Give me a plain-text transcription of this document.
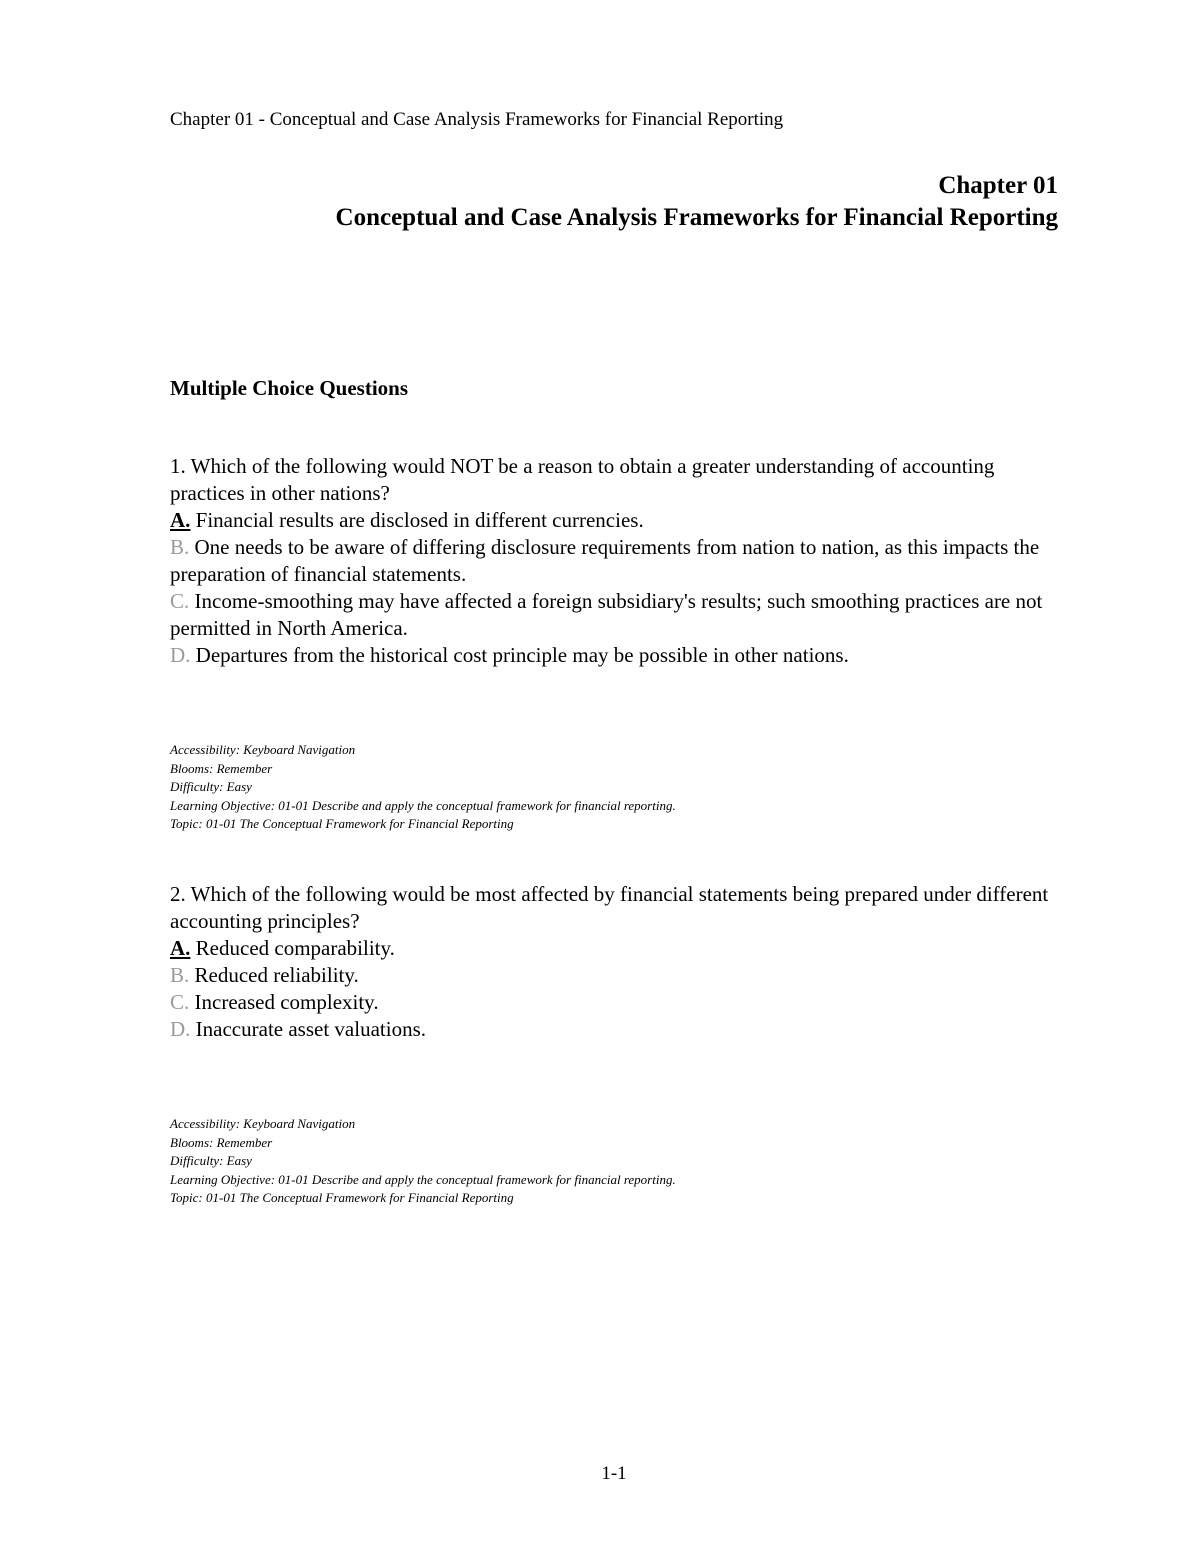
Chapter 01 - Conceptual and Case Analysis Frameworks for Financial Reporting
Chapter 01
Conceptual and Case Analysis Frameworks for Financial Reporting
Multiple Choice Questions
1. Which of the following would NOT be a reason to obtain a greater understanding of accounting practices in other nations?
A. Financial results are disclosed in different currencies.
B. One needs to be aware of differing disclosure requirements from nation to nation, as this impacts the preparation of financial statements.
C. Income-smoothing may have affected a foreign subsidiary's results; such smoothing practices are not permitted in North America.
D. Departures from the historical cost principle may be possible in other nations.
Accessibility: Keyboard Navigation
Blooms: Remember
Difficulty: Easy
Learning Objective: 01-01 Describe and apply the conceptual framework for financial reporting.
Topic: 01-01 The Conceptual Framework for Financial Reporting
2. Which of the following would be most affected by financial statements being prepared under different accounting principles?
A. Reduced comparability.
B. Reduced reliability.
C. Increased complexity.
D. Inaccurate asset valuations.
Accessibility: Keyboard Navigation
Blooms: Remember
Difficulty: Easy
Learning Objective: 01-01 Describe and apply the conceptual framework for financial reporting.
Topic: 01-01 The Conceptual Framework for Financial Reporting
1-1
